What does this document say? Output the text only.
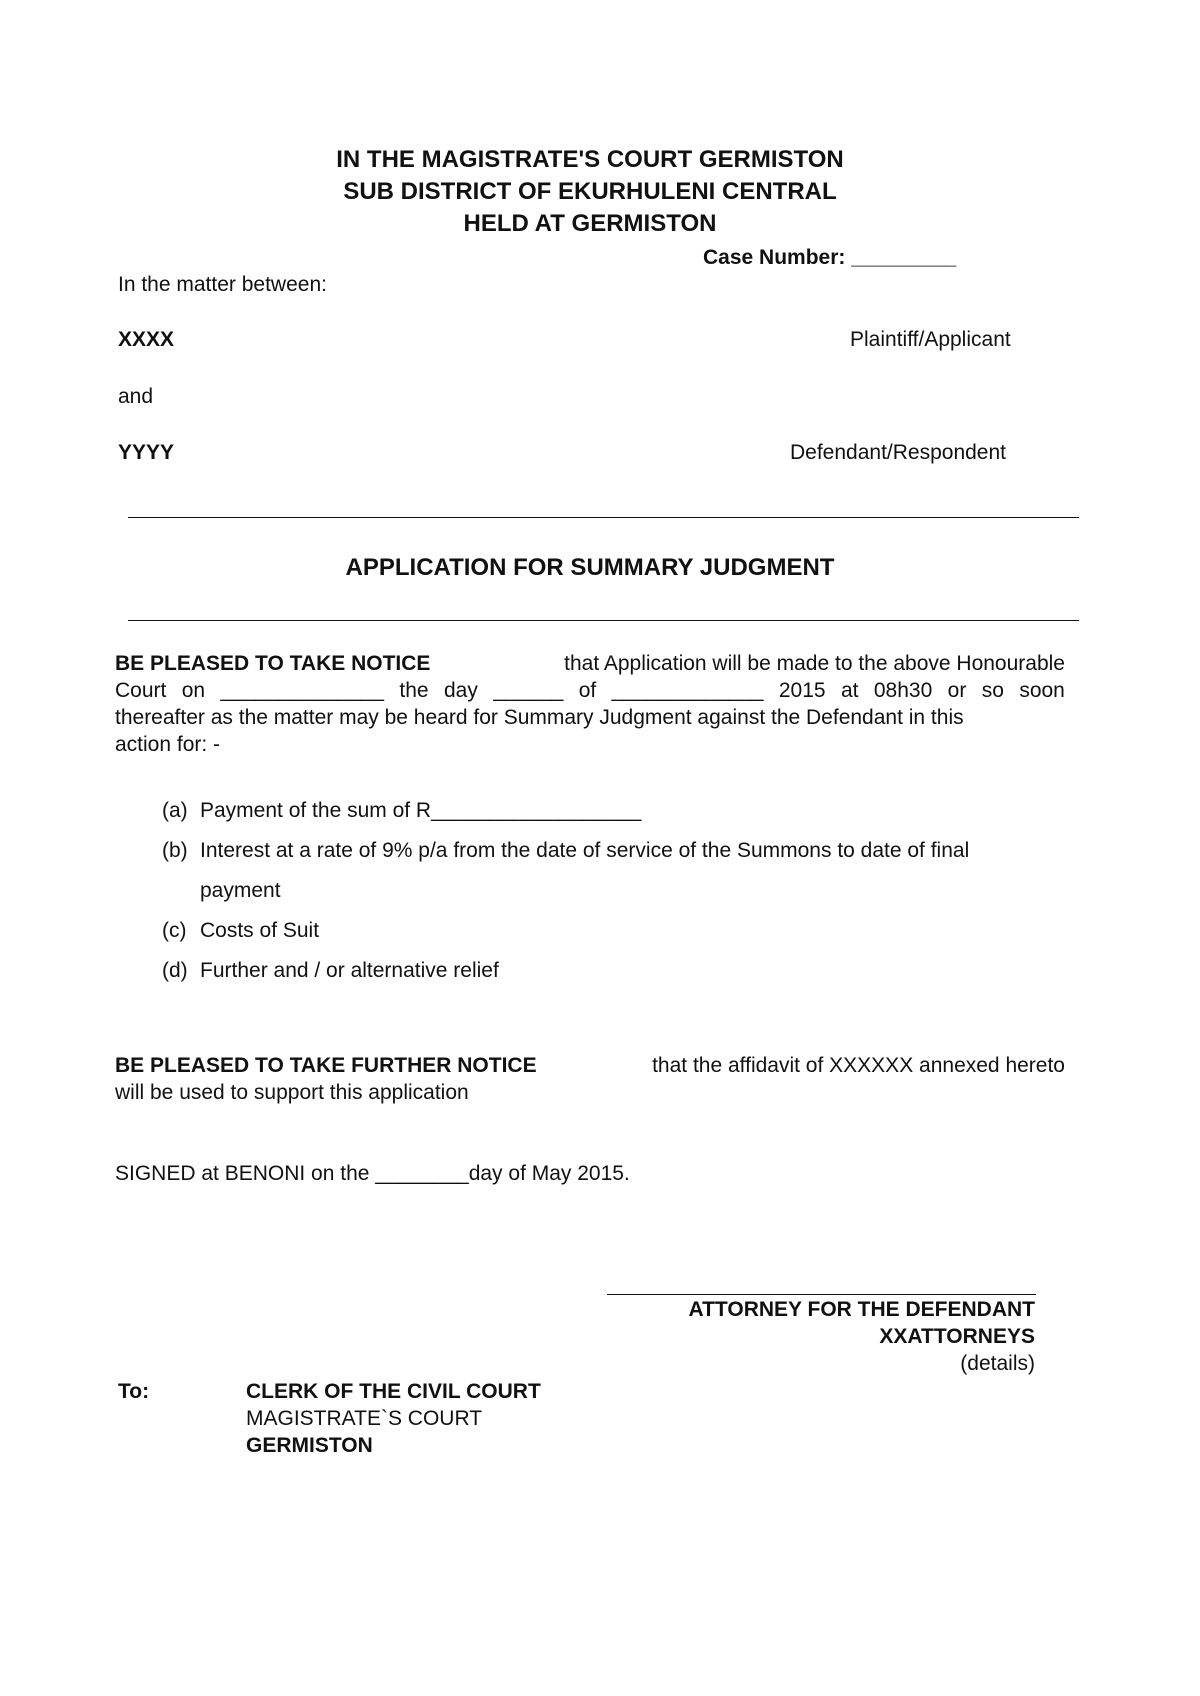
IN THE MAGISTRATE'S COURT GERMISTON
SUB DISTRICT OF EKURHULENI CENTRAL
HELD AT GERMISTON
Case Number: _________
In the matter between:
XXXX	Plaintiff/Applicant
and
YYYY	Defendant/Respondent
APPLICATION FOR SUMMARY JUDGMENT
BE PLEASED TO TAKE NOTICE	that Application will be made to the above Honourable
Court on ______________ the day ______ of _____________ 2015 at 08h30 or so soon
thereafter as the matter may be heard for Summary Judgment against the Defendant in this
action for: -
(a) Payment of the sum of R__________________
(b) Interest at a rate of 9% p/a from the date of service of the Summons to date of final
payment
(c) Costs of Suit
(d) Further and / or alternative relief
BE PLEASED TO TAKE FURTHER NOTICE	that the affidavit of XXXXXX annexed hereto
will be used to support this application
SIGNED at BENONI on the ________day of May 2015.
ATTORNEY FOR THE DEFENDANT
XXATTORNEYS
(details)
To:	CLERK OF THE CIVIL COURT
MAGISTRATE`S COURT
GERMISTON
